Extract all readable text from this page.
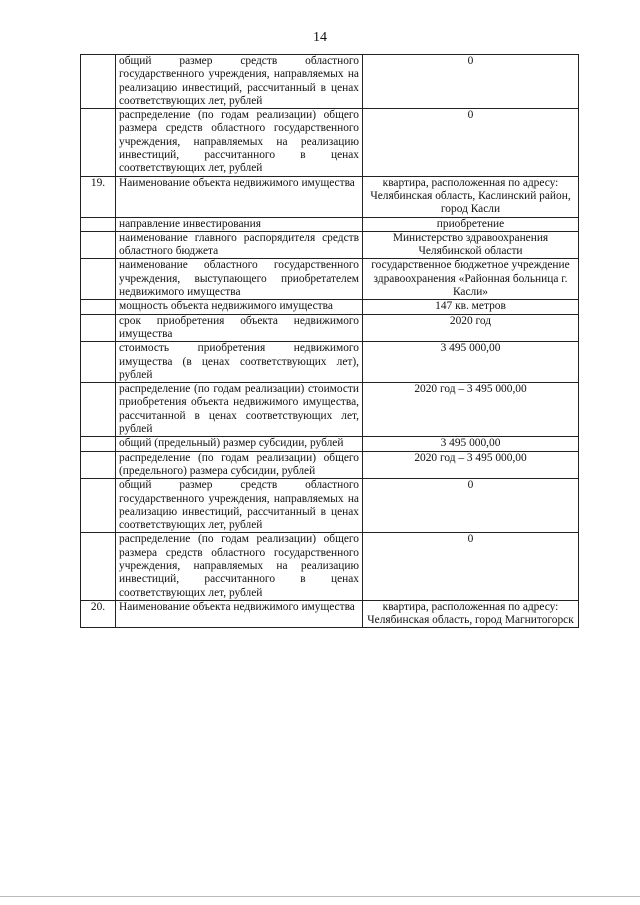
14
	общий размер средств областного государственного учреждения, направляемых на реализацию инвестиций, рассчитанный в ценах соответствующих лет, рублей	0
	распределение (по годам реализации) общего размера средств областного государственного учреждения, направляемых на реализацию инвестиций, рассчитанного в ценах соответствующих лет, рублей	0
19.	Наименование объекта недвижимого имущества	квартира, расположенная по адресу: Челябинская область, Каслинский район, город Касли
	направление инвестирования	приобретение
	наименование главного распорядителя средств областного бюджета	Министерство здравоохранения Челябинской области
	наименование областного государственного учреждения, выступающего приобретателем недвижимого имущества	государственное бюджетное учреждение здравоохранения «Районная больница г. Касли»
	мощность объекта недвижимого имущества	147 кв. метров
	срок приобретения объекта недвижимого имущества	2020 год
	стоимость приобретения недвижимого имущества (в ценах соответствующих лет), рублей	3 495 000,00
	распределение (по годам реализации) стоимости приобретения объекта недвижимого имущества, рассчитанной в ценах соответствующих лет, рублей	2020 год – 3 495 000,00
	общий (предельный) размер субсидии, рублей	3 495 000,00
	распределение (по годам реализации) общего (предельного) размера субсидии, рублей	2020 год – 3 495 000,00
	общий размер средств областного государственного учреждения, направляемых на реализацию инвестиций, рассчитанный в ценах соответствующих лет, рублей	0
	распределение (по годам реализации) общего размера средств областного государственного учреждения, направляемых на реализацию инвестиций, рассчитанного в ценах соответствующих лет, рублей	0
20.	Наименование объекта недвижимого имущества	квартира, расположенная по адресу: Челябинская область, город Магнитогорск
